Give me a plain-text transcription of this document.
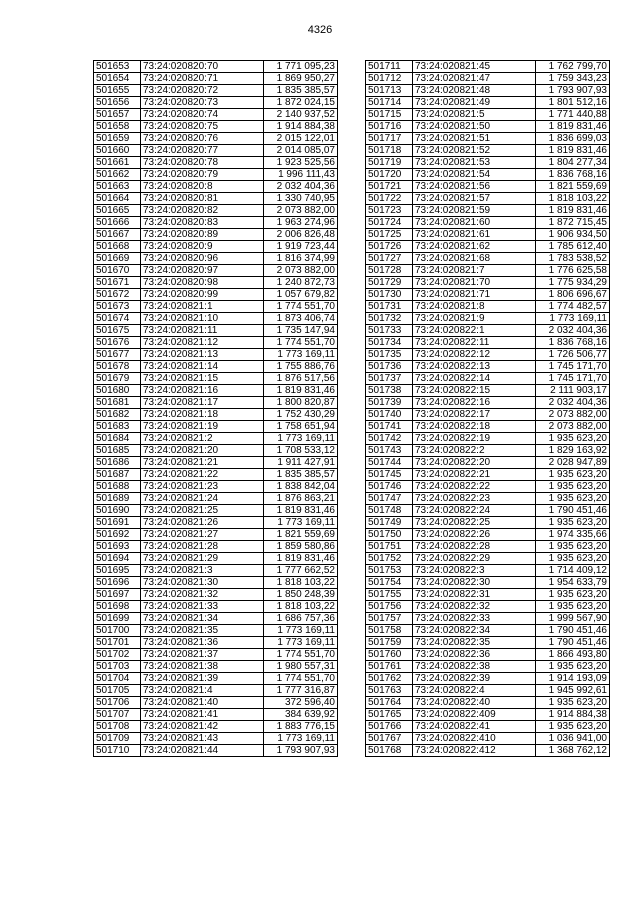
4326
501653	73:24:020820:70	1 771 095,23
501654	73:24:020820:71	1 869 950,27
501655	73:24:020820:72	1 835 385,57
501656	73:24:020820:73	1 872 024,15
501657	73:24:020820:74	2 140 937,52
501658	73:24:020820:75	1 914 884,38
501659	73:24:020820:76	2 015 122,01
501660	73:24:020820:77	2 014 085,07
501661	73:24:020820:78	1 923 525,56
501662	73:24:020820:79	1 996 111,43
501663	73:24:020820:8	2 032 404,36
501664	73:24:020820:81	1 330 740,95
501665	73:24:020820:82	2 073 882,00
501666	73:24:020820:83	1 963 274,96
501667	73:24:020820:89	2 006 826,48
501668	73:24:020820:9	1 919 723,44
501669	73:24:020820:96	1 816 374,99
501670	73:24:020820:97	2 073 882,00
501671	73:24:020820:98	1 240 872,73
501672	73:24:020820:99	1 057 679,82
501673	73:24:020821:1	1 774 551,70
501674	73:24:020821:10	1 873 406,74
501675	73:24:020821:11	1 735 147,94
501676	73:24:020821:12	1 774 551,70
501677	73:24:020821:13	1 773 169,11
501678	73:24:020821:14	1 755 886,76
501679	73:24:020821:15	1 876 517,56
501680	73:24:020821:16	1 819 831,46
501681	73:24:020821:17	1 800 820,87
501682	73:24:020821:18	1 752 430,29
501683	73:24:020821:19	1 758 651,94
501684	73:24:020821:2	1 773 169,11
501685	73:24:020821:20	1 708 533,12
501686	73:24:020821:21	1 911 427,91
501687	73:24:020821:22	1 835 385,57
501688	73:24:020821:23	1 838 842,04
501689	73:24:020821:24	1 876 863,21
501690	73:24:020821:25	1 819 831,46
501691	73:24:020821:26	1 773 169,11
501692	73:24:020821:27	1 821 559,69
501693	73:24:020821:28	1 859 580,86
501694	73:24:020821:29	1 819 831,46
501695	73:24:020821:3	1 777 662,52
501696	73:24:020821:30	1 818 103,22
501697	73:24:020821:32	1 850 248,39
501698	73:24:020821:33	1 818 103,22
501699	73:24:020821:34	1 686 757,36
501700	73:24:020821:35	1 773 169,11
501701	73:24:020821:36	1 773 169,11
501702	73:24:020821:37	1 774 551,70
501703	73:24:020821:38	1 980 557,31
501704	73:24:020821:39	1 774 551,70
501705	73:24:020821:4	1 777 316,87
501706	73:24:020821:40	372 596,40
501707	73:24:020821:41	384 639,92
501708	73:24:020821:42	1 883 776,15
501709	73:24:020821:43	1 773 169,11
501710	73:24:020821:44	1 793 907,93
501711	73:24:020821:45	1 762 799,70
501712	73:24:020821:47	1 759 343,23
501713	73:24:020821:48	1 793 907,93
501714	73:24:020821:49	1 801 512,16
501715	73:24:020821:5	1 771 440,88
501716	73:24:020821:50	1 819 831,46
501717	73:24:020821:51	1 836 699,03
501718	73:24:020821:52	1 819 831,46
501719	73:24:020821:53	1 804 277,34
501720	73:24:020821:54	1 836 768,16
501721	73:24:020821:56	1 821 559,69
501722	73:24:020821:57	1 818 103,22
501723	73:24:020821:59	1 819 831,46
501724	73:24:020821:60	1 872 715,45
501725	73:24:020821:61	1 906 934,50
501726	73:24:020821:62	1 785 612,40
501727	73:24:020821:68	1 783 538,52
501728	73:24:020821:7	1 776 625,58
501729	73:24:020821:70	1 775 934,29
501730	73:24:020821:71	1 806 696,67
501731	73:24:020821:8	1 774 482,57
501732	73:24:020821:9	1 773 169,11
501733	73:24:020822:1	2 032 404,36
501734	73:24:020822:11	1 836 768,16
501735	73:24:020822:12	1 726 506,77
501736	73:24:020822:13	1 745 171,70
501737	73:24:020822:14	1 745 171,70
501738	73:24:020822:15	2 111 903,17
501739	73:24:020822:16	2 032 404,36
501740	73:24:020822:17	2 073 882,00
501741	73:24:020822:18	2 073 882,00
501742	73:24:020822:19	1 935 623,20
501743	73:24:020822:2	1 829 163,92
501744	73:24:020822:20	2 028 947,89
501745	73:24:020822:21	1 935 623,20
501746	73:24:020822:22	1 935 623,20
501747	73:24:020822:23	1 935 623,20
501748	73:24:020822:24	1 790 451,46
501749	73:24:020822:25	1 935 623,20
501750	73:24:020822:26	1 974 335,66
501751	73:24:020822:28	1 935 623,20
501752	73:24:020822:29	1 935 623,20
501753	73:24:020822:3	1 714 409,12
501754	73:24:020822:30	1 954 633,79
501755	73:24:020822:31	1 935 623,20
501756	73:24:020822:32	1 935 623,20
501757	73:24:020822:33	1 999 567,90
501758	73:24:020822:34	1 790 451,46
501759	73:24:020822:35	1 790 451,46
501760	73:24:020822:36	1 866 493,80
501761	73:24:020822:38	1 935 623,20
501762	73:24:020822:39	1 914 193,09
501763	73:24:020822:4	1 945 992,61
501764	73:24:020822:40	1 935 623,20
501765	73:24:020822:409	1 914 884,38
501766	73:24:020822:41	1 935 623,20
501767	73:24:020822:410	1 036 941,00
501768	73:24:020822:412	1 368 762,12
